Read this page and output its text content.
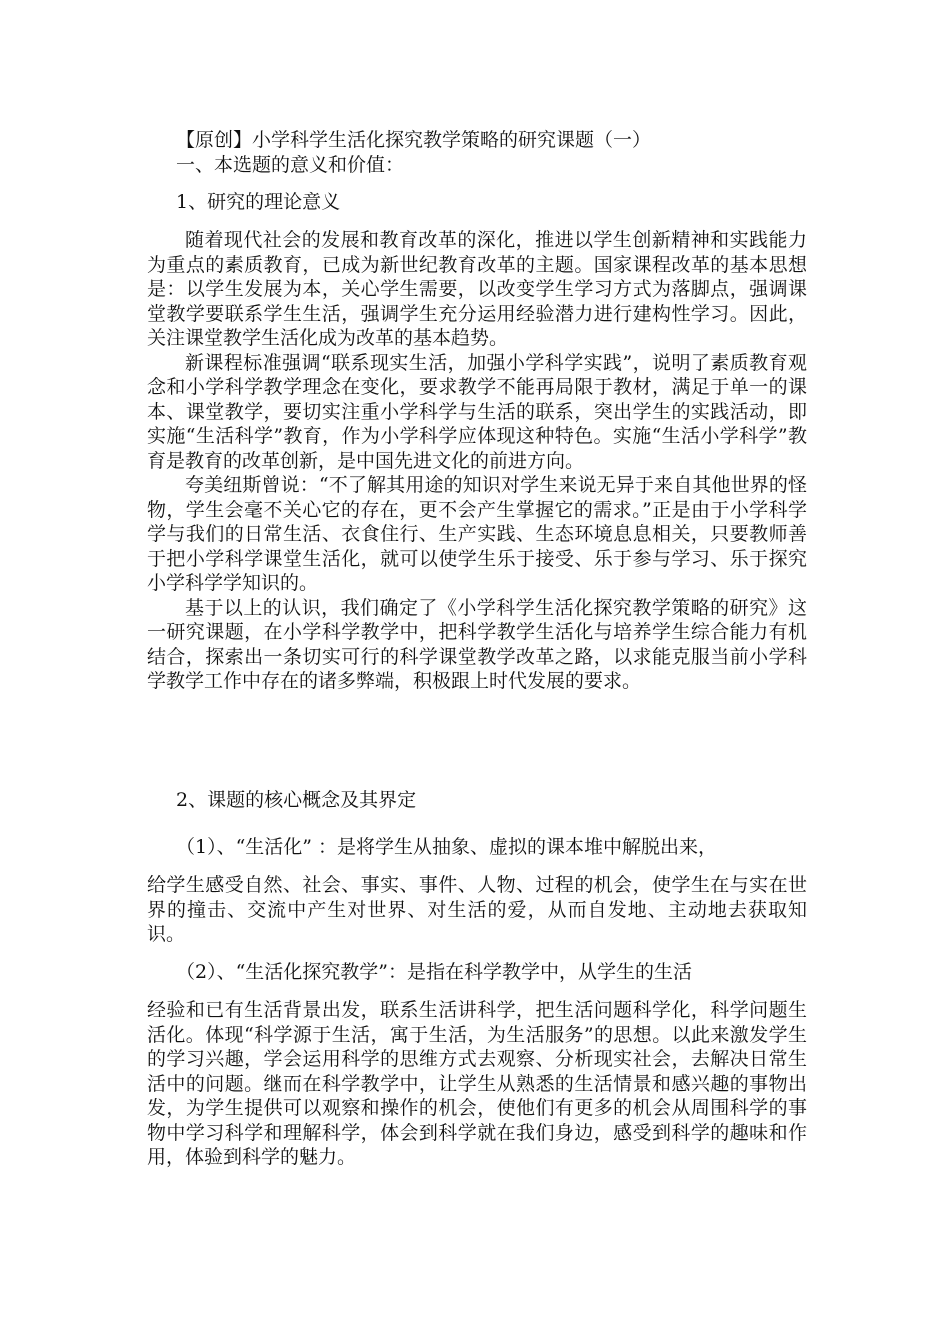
【原创】小学科学生活化探究教学策略的研究课题（一）
一、本选题的意义和价值：
1、研究的理论意义

随着现代社会的发展和教育改革的深化，推进以学生创新精神和实践能力为重点的素质教育，已成为新世纪教育改革的主题。国家课程改革的基本思想是：以学生发展为本，关心学生需要，以改变学生学习方式为落脚点，强调课堂教学要联系学生生活，强调学生充分运用经验潜力进行建构性学习。因此，关注课堂教学生活化成为改革的基本趋势。

新课程标准强调“联系现实生活，加强小学科学实践”，说明了素质教育观念和小学科学教学理念在变化，要求教学不能再局限于教材，满足于单一的课本、课堂教学，要切实注重小学科学与生活的联系，突出学生的实践活动，即实施“生活科学”教育，作为小学科学应体现这种特色。实施“生活小学科学”教育是教育的改革创新，是中国先进文化的前进方向。

夸美纽斯曾说：“不了解其用途的知识对学生来说无异于来自其他世界的怪物，学生会毫不关心它的存在，更不会产生掌握它的需求。”正是由于小学科学学与我们的日常生活、衣食住行、生产实践、生态环境息息相关，只要教师善于把小学科学课堂生活化，就可以使学生乐于接受、乐于参与学习、乐于探究小学科学学知识的。

基于以上的认识，我们确定了《小学科学生活化探究教学策略的研究》这一研究课题，在小学科学教学中，把科学教学生活化与培养学生综合能力有机结合，探索出一条切实可行的科学课堂教学改革之路，以求能克服当前小学科学教学工作中存在的诸多弊端，积极跟上时代发展的要求。

2、课题的核心概念及其界定
（1）、“生活化” ：是将学生从抽象、虚拟的课本堆中解脱出来，

给学生感受自然、社会、事实、事件、人物、过程的机会，使学生在与实在世界的撞击、交流中产生对世界、对生活的爱，从而自发地、主动地去获取知识。

（2）、“生活化探究教学”：是指在科学教学中，从学生的生活

经验和已有生活背景出发，联系生活讲科学，把生活问题科学化，科学问题生活化。体现“科学源于生活，寓于生活，为生活服务”的思想。以此来激发学生的学习兴趣，学会运用科学的思维方式去观察、分析现实社会，去解决日常生活中的问题。继而在科学教学中，让学生从熟悉的生活情景和感兴趣的事物出发，为学生提供可以观察和操作的机会，使他们有更多的机会从周围科学的事物中学习科学和理解科学，体会到科学就在我们身边，感受到科学的趣味和作用，体验到科学的魅力。
